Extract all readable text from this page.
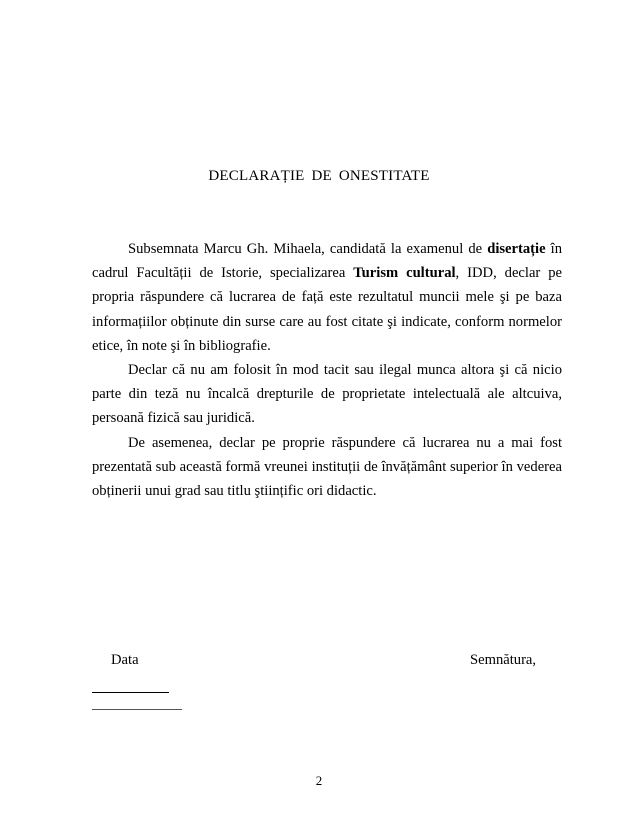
DECLARAȚIE DE ONESTITATE

Subsemnata Marcu Gh. Mihaela, candidată la examenul de disertație în cadrul Facultății de Istorie, specializarea Turism cultural, IDD, declar pe propria răspundere că lucrarea de față este rezultatul muncii mele şi pe baza informațiilor obținute din surse care au fost citate şi indicate, conform normelor etice, în note şi în bibliografie.

Declar că nu am folosit în mod tacit sau ilegal munca altora şi că nicio parte din teză nu încalcă drepturile de proprietate intelectuală ale altcuiva, persoană fizică sau juridică.

De asemenea, declar pe proprie răspundere că lucrarea nu a mai fost prezentată sub această formă vreunei instituții de învățământ superior în vederea obținerii unui grad sau titlu ştiințific ori didactic.

Data	Semnătura,
2
